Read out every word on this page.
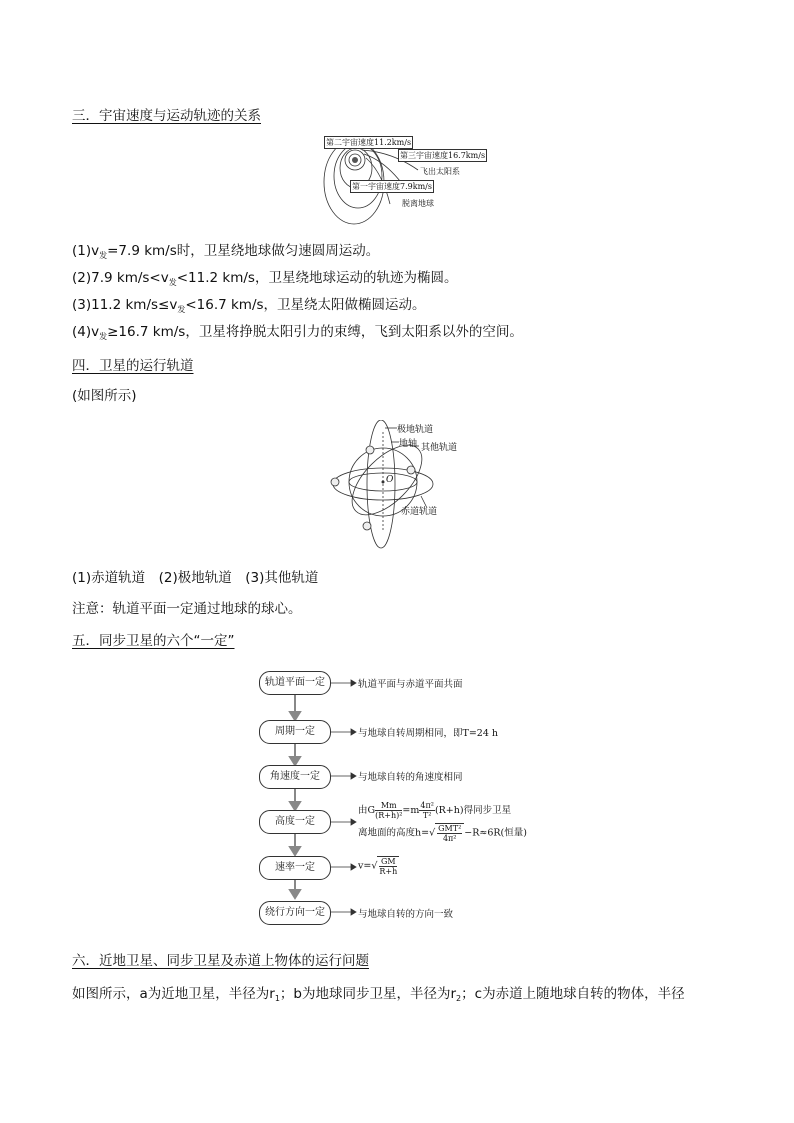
三．宇宙速度与运动轨迹的关系
第二宇宙速度11.2km/s
第三宇宙速度16.7km/s
飞出太阳系
第一宇宙速度7.9km/s
脱离地球
$(1)v_发=7.9$ km/s时，卫星绕地球做匀速圆周运动。
(2)7.9 $km/s<v_发<11.2$ km/s，卫星绕地球运动的轨迹为椭圆。
(3)11.2 $km/s\le v_发<16.7$ km/s，卫星绕太阳做椭圆运动。
$(4)v_发\ge 16.7$ km/s，卫星将挣脱太阳引力的束缚，飞到太阳系以外的空间。
四．卫星的运行轨道
(如图所示)
极地轨道
地轴 其他轨道
O
赤道轨道
(1)赤道轨道　(2)极地轨道　(3)其他轨道
注意：轨道平面一定通过地球的球心。
五．同步卫星的六个“一定”
轨道平面一定	轨道平面与赤道平面共面
周期一定	与地球自转周期相同，即T=24 h
角速度一定	与地球自转的角速度相同
高度一定
由G $\frac{Mm}{\text{(R+h)²}} =m \frac{\text{4π²}}{\text{T²}} (R+h)$得同步卫星
离地面的高度$h=√ \frac{\text{GMT²}}{\text{4π²}} -R\approx 6R$(恒量)
速率一定	$v=√ \frac{GM}{R+h}$
绕行方向一定	与地球自转的方向一致
六．近地卫星、同步卫星及赤道上物体的运行问题
如图所示，a为近地卫星，半径为$r_1$；b为地球同步卫星，半径为$r_2$；c为赤道上随地球自转的物体，半径
